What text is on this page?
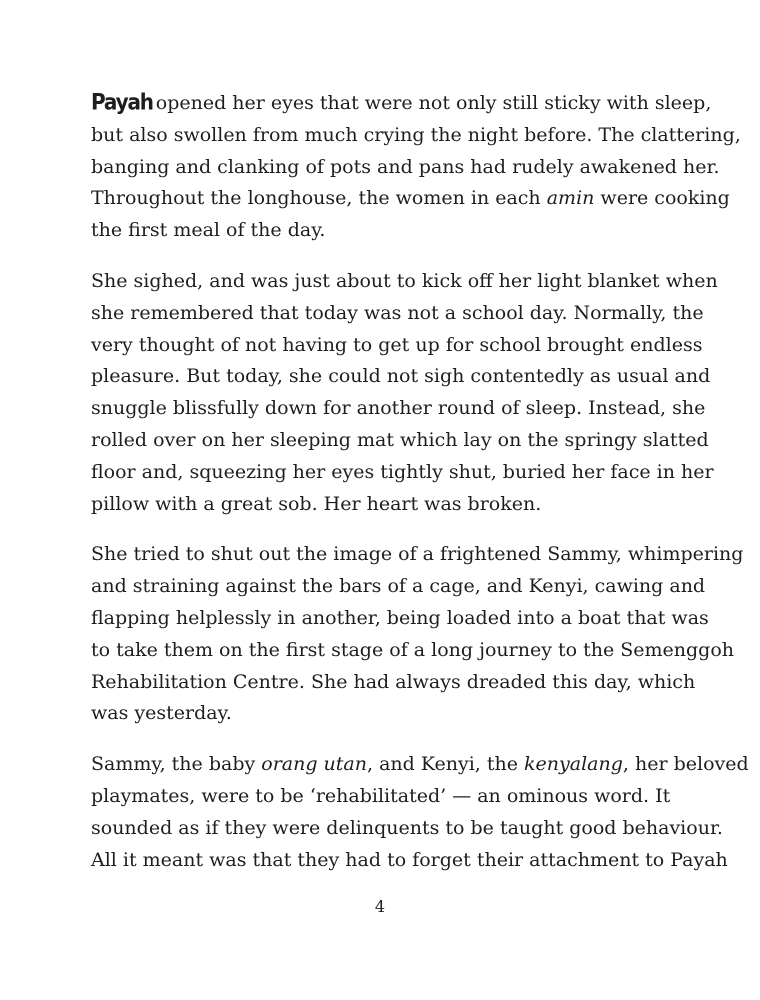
Payah opened her eyes that were not only still sticky with sleep,
but also swollen from much crying the night before. The clattering,
banging and clanking of pots and pans had rudely awakened her.
Throughout the longhouse, the women in each amin were cooking
the first meal of the day.

She sighed, and was just about to kick off her light blanket when
she remembered that today was not a school day. Normally, the
very thought of not having to get up for school brought endless
pleasure. But today, she could not sigh contentedly as usual and
snuggle blissfully down for another round of sleep. Instead, she
rolled over on her sleeping mat which lay on the springy slatted
floor and, squeezing her eyes tightly shut, buried her face in her
pillow with a great sob. Her heart was broken.

She tried to shut out the image of a frightened Sammy, whimpering
and straining against the bars of a cage, and Kenyi, cawing and
flapping helplessly in another, being loaded into a boat that was
to take them on the first stage of a long journey to the Semenggoh
Rehabilitation Centre. She had always dreaded this day, which
was yesterday.

Sammy, the baby orang utan, and Kenyi, the kenyalang, her beloved
playmates, were to be ‘rehabilitated’ — an ominous word. It
sounded as if they were delinquents to be taught good behaviour.
All it meant was that they had to forget their attachment to Payah

4
